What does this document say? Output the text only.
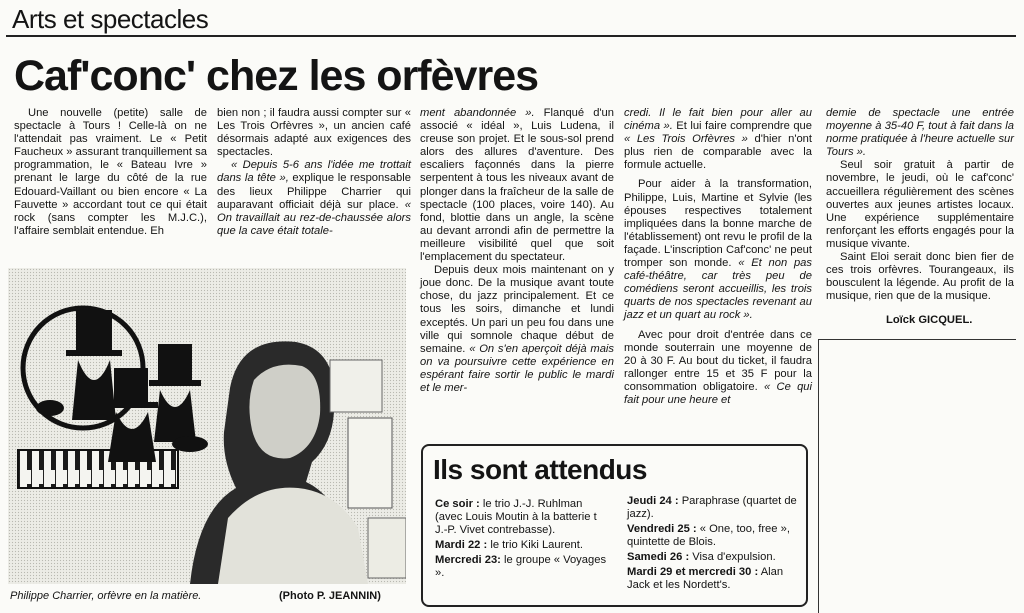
Arts et spectacles
Caf'conc' chez les orfèvres

Une nouvelle (petite) salle de spectacle à Tours ! Celle-là on ne l'attendait pas vraiment. Le « Petit Faucheux » assurant tranquillement sa programmation, le « Bateau Ivre » prenant le large du côté de la rue Edouard-Vaillant ou bien encore « La Fauvette » accordant tout ce qui était rock (sans compter les M.J.C.), l'affaire semblait entendue. Eh

bien non ; il faudra aussi compter sur « Les Trois Orfèvres », un ancien café désormais adapté aux exigences des spectacles.

« Depuis 5-6 ans l'idée me trottait dans la tête », explique le responsable des lieux Philippe Charrier qui auparavant officiait déjà sur place. « On travaillait au rez-de-chaussée alors que la cave était totale-

ment abandonnée ». Flanqué d'un associé « idéal », Luis Ludena, il creuse son projet. Et le sous-sol prend alors des allures d'aventure. Des escaliers façonnés dans la pierre serpentent à tous les niveaux avant de plonger dans la fraîcheur de la salle de spectacle (100 places, voire 140). Au fond, blottie dans un angle, la scène au devant arrondi afin de permettre la meilleure visibilité quel que soit l'emplacement du spectateur.

Depuis deux mois maintenant on y joue donc. De la musique avant toute chose, du jazz principalement. Et ce tous les soirs, dimanche et lundi exceptés. Un pari un peu fou dans une ville qui somnole chaque début de semaine. « On s'en aperçoit déjà mais on va poursuivre cette expérience en espérant faire sortir le public le mardi et le mer-

credi. Il le fait bien pour aller au cinéma ». Et lui faire comprendre que « Les Trois Orfèvres » d'hier n'ont plus rien de comparable avec la formule actuelle.

Pour aider à la transformation, Philippe, Luis, Martine et Sylvie (les épouses respectives totalement impliquées dans la bonne marche de l'établissement) ont revu le profil de la façade. L'inscription Caf'conc' ne peut tromper son monde. « Et non pas café-théâtre, car très peu de comédiens seront accueillis, les trois quarts de nos spectacles revenant au jazz et un quart au rock ».

Avec pour droit d'entrée dans ce monde souterrain une moyenne de 20 à 30 F. Au bout du ticket, il faudra rallonger entre 15 et 35 F pour la consommation obligatoire. « Ce qui fait pour une heure et

demie de spectacle une entrée moyenne à 35-40 F, tout à fait dans la norme pratiquée à l'heure actuelle sur Tours ».

Seul soir gratuit à partir de novembre, le jeudi, où le caf'conc' accueillera régulièrement des scènes ouvertes aux jeunes artistes locaux. Une expérience supplémentaire renforçant les efforts engagés pour la musique vivante.

Saint Eloi serait donc bien fier de ces trois orfèvres. Tourangeaux, ils bousculent la légende. Au profit de la musique, rien que de la musique.

Loïck GICQUEL.
Philippe Charrier, orfèvre en la matière.	(Photo P. JEANNIN)
Ils sont attendus

Ce soir : le trio J.-J. Ruhlman (avec Louis Moutin à la batterie t J.-P. Vivet contrebasse).

Mardi 22 : le trio Kiki Laurent.

Mercredi 23: le groupe « Voyages ».

Jeudi 24 : Paraphrase (quartet de jazz).

Vendredi 25 : « One, too, free », quintette de Blois.

Samedi 26 : Visa d'expulsion.

Mardi 29 et mercredi 30 : Alan Jack et les Nordett's.
